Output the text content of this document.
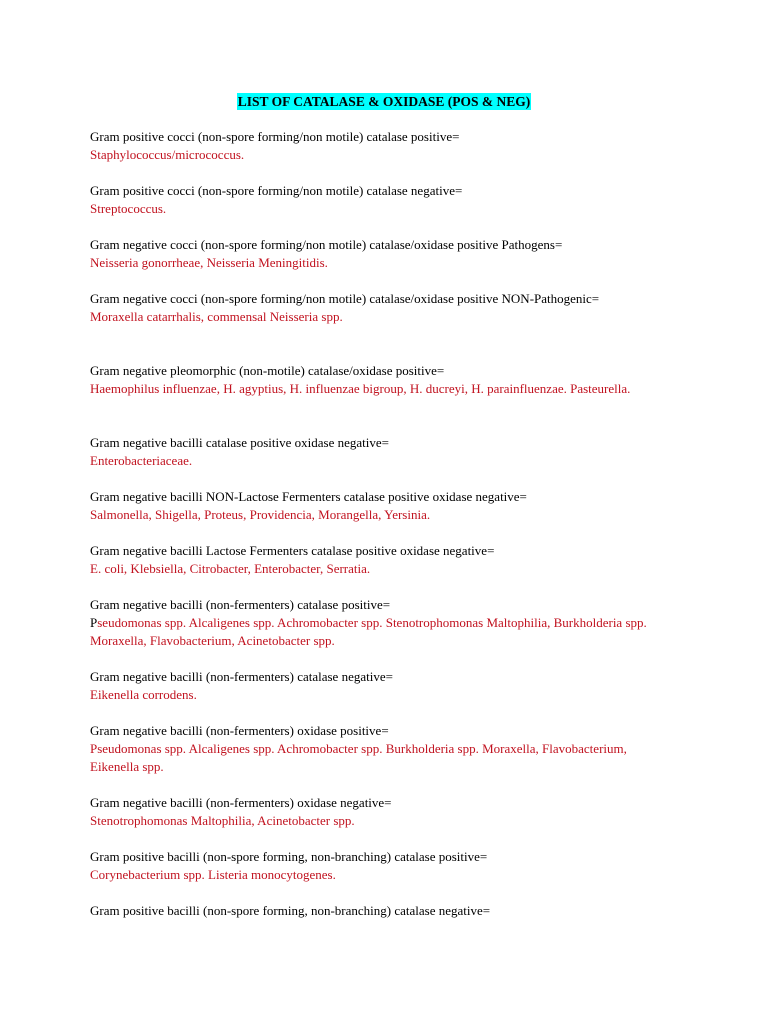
LIST OF CATALASE & OXIDASE (POS & NEG)

Gram positive cocci (non-spore forming/non motile) catalase positive=

Staphylococcus/micrococcus.

Gram positive cocci (non-spore forming/non motile) catalase negative=

Streptococcus.

Gram negative cocci (non-spore forming/non motile) catalase/oxidase positive Pathogens=

Neisseria gonorrheae, Neisseria Meningitidis.

Gram negative cocci (non-spore forming/non motile) catalase/oxidase positive NON-Pathogenic=

Moraxella catarrhalis, commensal Neisseria spp.

Gram negative pleomorphic (non-motile) catalase/oxidase positive=

Haemophilus influenzae, H. agyptius, H. influenzae bigroup, H. ducreyi, H. parainfluenzae. Pasteurella.

Gram negative bacilli catalase positive oxidase negative=

Enterobacteriaceae.

Gram negative bacilli NON-Lactose Fermenters catalase positive oxidase negative=

Salmonella, Shigella, Proteus, Providencia, Morangella, Yersinia.

Gram negative bacilli Lactose Fermenters catalase positive oxidase negative=

E. coli, Klebsiella, Citrobacter, Enterobacter, Serratia.

Gram negative bacilli (non-fermenters) catalase positive=

Pseudomonas spp. Alcaligenes spp. Achromobacter spp. Stenotrophomonas Maltophilia, Burkholderia spp. Moraxella, Flavobacterium, Acinetobacter spp.

Gram negative bacilli (non-fermenters) catalase negative=

Eikenella corrodens.

Gram negative bacilli (non-fermenters) oxidase positive=

Pseudomonas spp. Alcaligenes spp. Achromobacter spp. Burkholderia spp. Moraxella, Flavobacterium, Eikenella spp.

Gram negative bacilli (non-fermenters) oxidase negative=

Stenotrophomonas Maltophilia, Acinetobacter spp.

Gram positive bacilli (non-spore forming, non-branching) catalase positive=

Corynebacterium spp. Listeria monocytogenes.

Gram positive bacilli (non-spore forming, non-branching) catalase negative=
